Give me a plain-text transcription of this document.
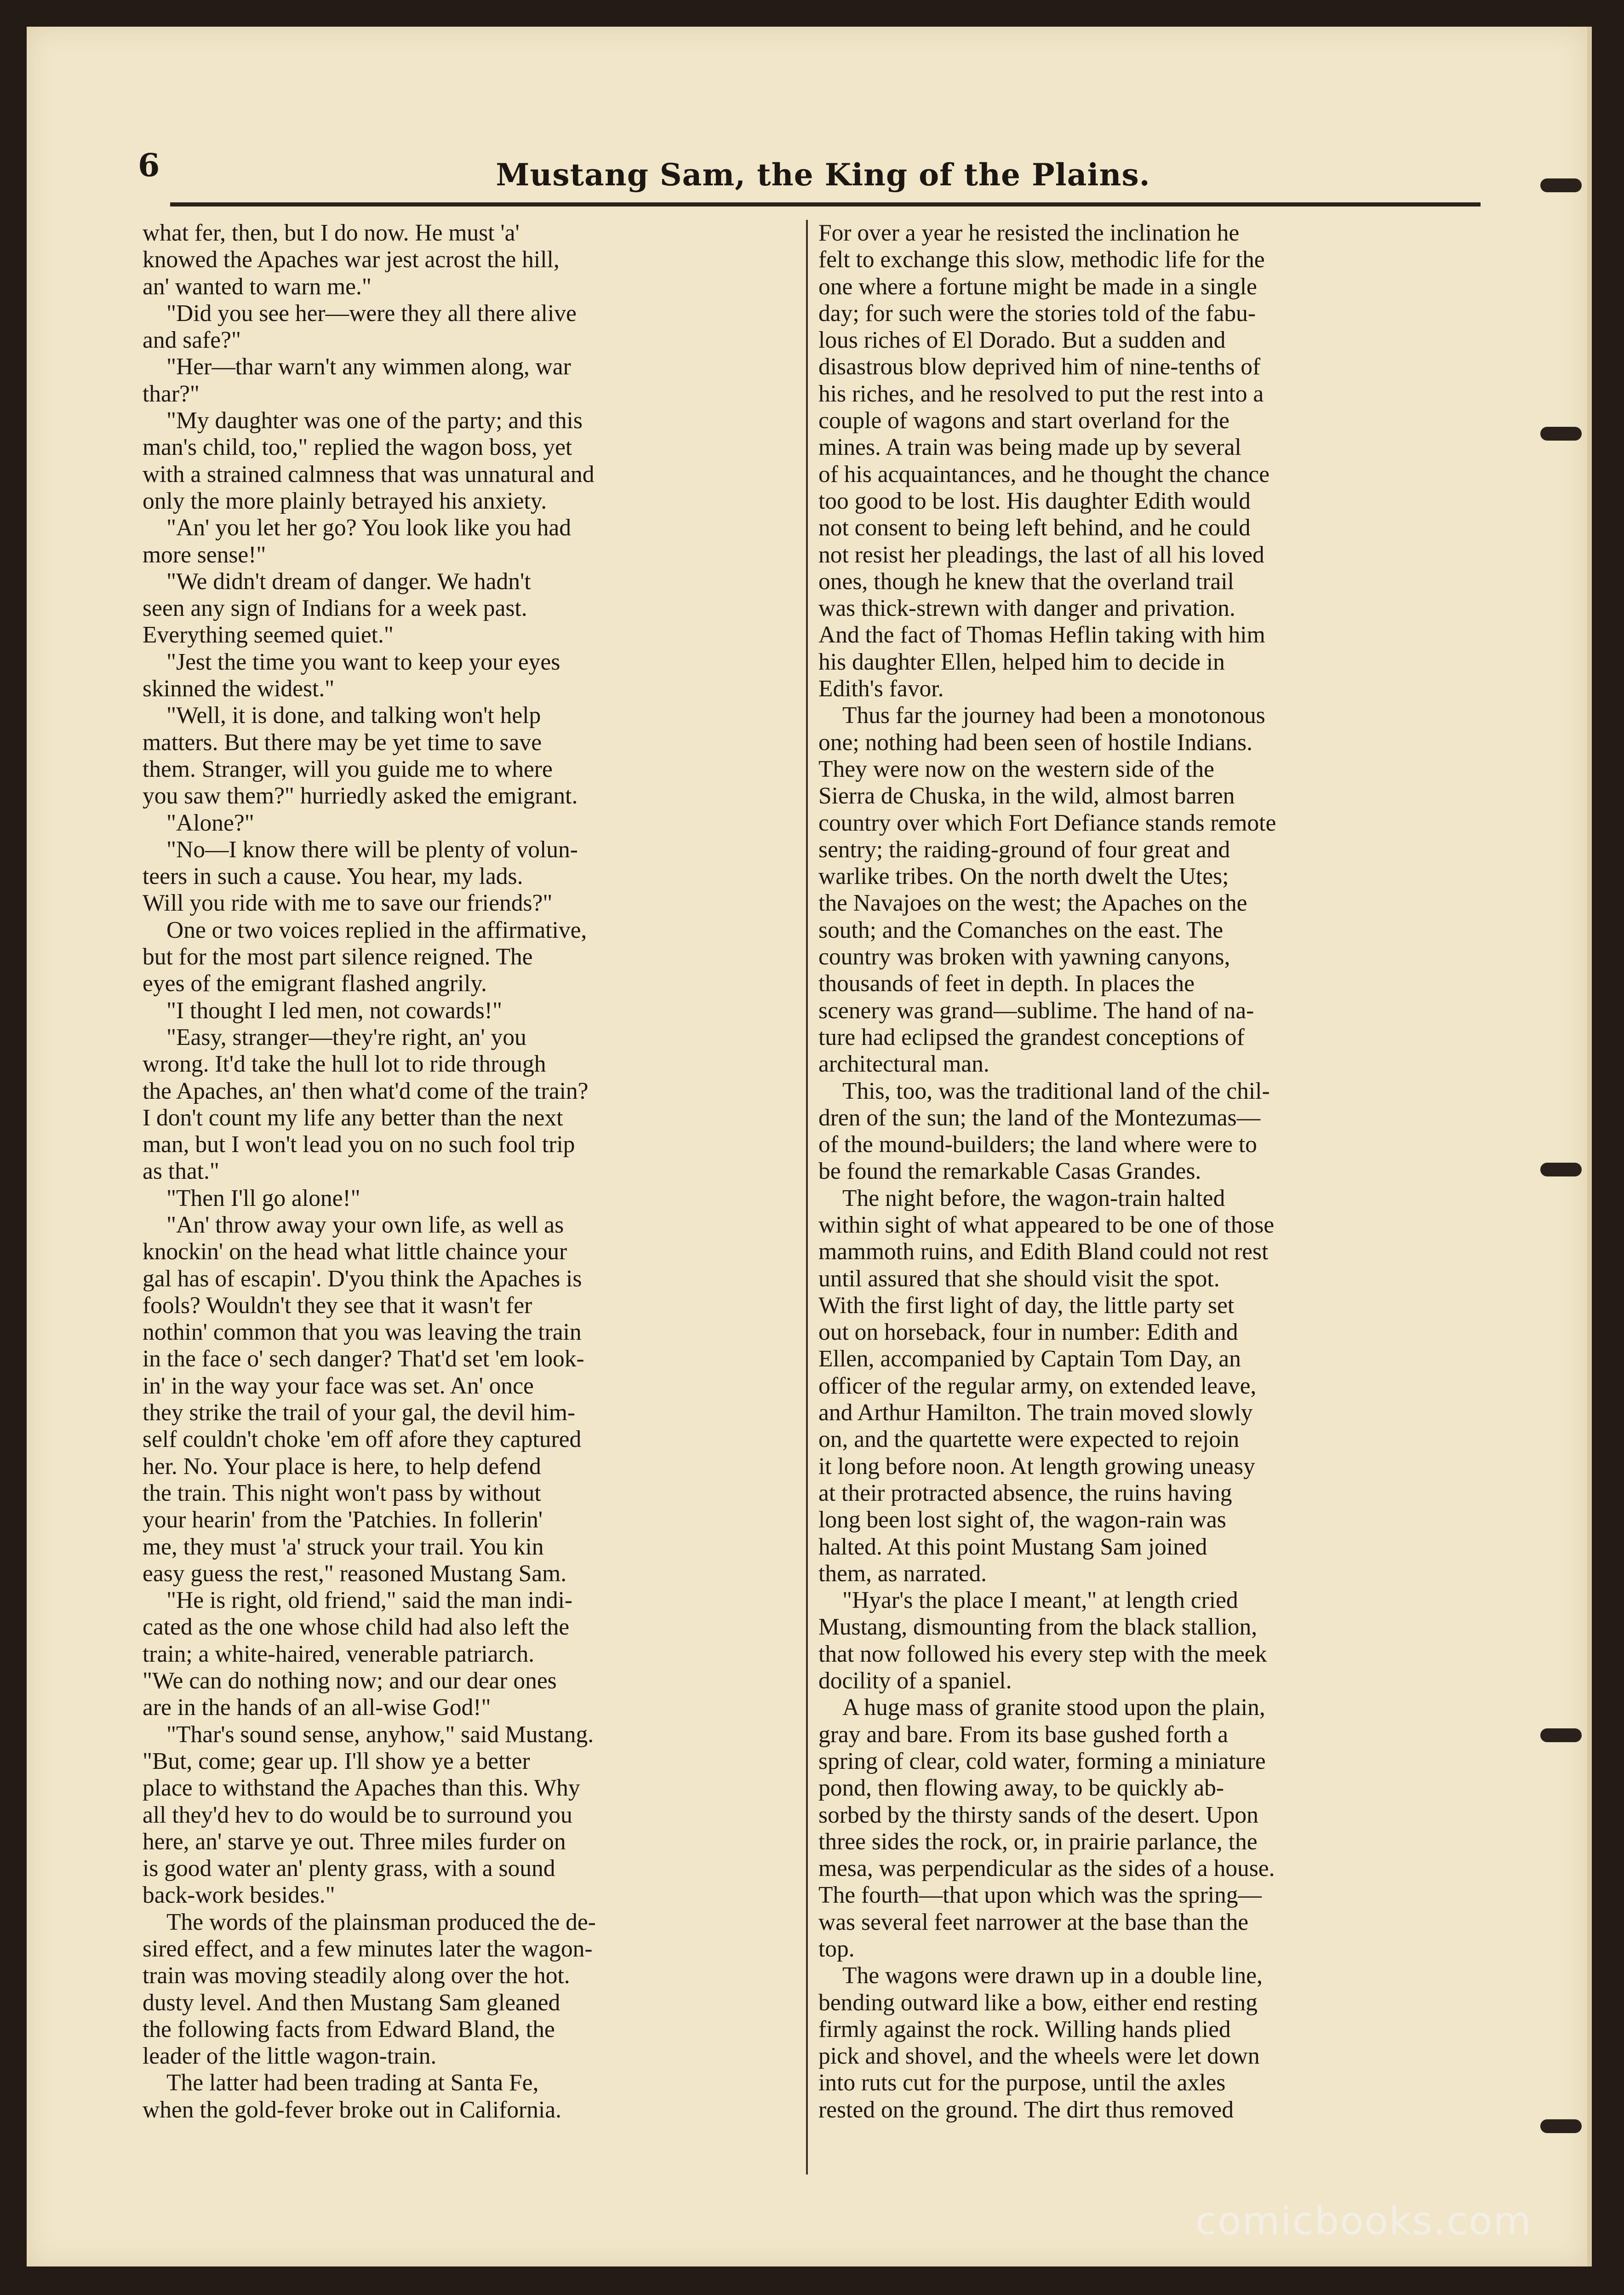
6	Mustang Sam, the King of the Plains.
what fer, then, but I do now. He must 'a'
knowed the Apaches war jest acrost the hill,
an' wanted to warn me."
"Did you see her—were they all there alive
and safe?"
"Her—thar warn't any wimmen along, war
thar?"
"My daughter was one of the party; and this
man's child, too," replied the wagon boss, yet
with a strained calmness that was unnatural and
only the more plainly betrayed his anxiety.
"An' you let her go? You look like you had
more sense!"
"We didn't dream of danger. We hadn't
seen any sign of Indians for a week past.
Everything seemed quiet."
"Jest the time you want to keep your eyes
skinned the widest."
"Well, it is done, and talking won't help
matters. But there may be yet time to save
them. Stranger, will you guide me to where
you saw them?" hurriedly asked the emigrant.
"Alone?"
"No—I know there will be plenty of volun-
teers in such a cause. You hear, my lads.
Will you ride with me to save our friends?"
One or two voices replied in the affirmative,
but for the most part silence reigned. The
eyes of the emigrant flashed angrily.
"I thought I led men, not cowards!"
"Easy, stranger—they're right, an' you
wrong. It'd take the hull lot to ride through
the Apaches, an' then what'd come of the train?
I don't count my life any better than the next
man, but I won't lead you on no such fool trip
as that."
"Then I'll go alone!"
"An' throw away your own life, as well as
knockin' on the head what little chaince your
gal has of escapin'. D'you think the Apaches is
fools? Wouldn't they see that it wasn't fer
nothin' common that you was leaving the train
in the face o' sech danger? That'd set 'em look-
in' in the way your face was set. An' once
they strike the trail of your gal, the devil him-
self couldn't choke 'em off afore they captured
her. No. Your place is here, to help defend
the train. This night won't pass by without
your hearin' from the 'Patchies. In follerin'
me, they must 'a' struck your trail. You kin
easy guess the rest," reasoned Mustang Sam.
"He is right, old friend," said the man indi-
cated as the one whose child had also left the
train; a white-haired, venerable patriarch.
"We can do nothing now; and our dear ones
are in the hands of an all-wise God!"
"Thar's sound sense, anyhow," said Mustang.
"But, come; gear up. I'll show ye a better
place to withstand the Apaches than this. Why
all they'd hev to do would be to surround you
here, an' starve ye out. Three miles furder on
is good water an' plenty grass, with a sound
back-work besides."
The words of the plainsman produced the de-
sired effect, and a few minutes later the wagon-
train was moving steadily along over the hot.
dusty level. And then Mustang Sam gleaned
the following facts from Edward Bland, the
leader of the little wagon-train.
The latter had been trading at Santa Fe,
when the gold-fever broke out in California.
For over a year he resisted the inclination he
felt to exchange this slow, methodic life for the
one where a fortune might be made in a single
day; for such were the stories told of the fabu-
lous riches of El Dorado. But a sudden and
disastrous blow deprived him of nine-tenths of
his riches, and he resolved to put the rest into a
couple of wagons and start overland for the
mines. A train was being made up by several
of his acquaintances, and he thought the chance
too good to be lost. His daughter Edith would
not consent to being left behind, and he could
not resist her pleadings, the last of all his loved
ones, though he knew that the overland trail
was thick-strewn with danger and privation.
And the fact of Thomas Heflin taking with him
his daughter Ellen, helped him to decide in
Edith's favor.
Thus far the journey had been a monotonous
one; nothing had been seen of hostile Indians.
They were now on the western side of the
Sierra de Chuska, in the wild, almost barren
country over which Fort Defiance stands remote
sentry; the raiding-ground of four great and
warlike tribes. On the north dwelt the Utes;
the Navajoes on the west; the Apaches on the
south; and the Comanches on the east. The
country was broken with yawning canyons,
thousands of feet in depth. In places the
scenery was grand—sublime. The hand of na-
ture had eclipsed the grandest conceptions of
architectural man.
This, too, was the traditional land of the chil-
dren of the sun; the land of the Montezumas—
of the mound-builders; the land where were to
be found the remarkable Casas Grandes.
The night before, the wagon-train halted
within sight of what appeared to be one of those
mammoth ruins, and Edith Bland could not rest
until assured that she should visit the spot.
With the first light of day, the little party set
out on horseback, four in number: Edith and
Ellen, accompanied by Captain Tom Day, an
officer of the regular army, on extended leave,
and Arthur Hamilton. The train moved slowly
on, and the quartette were expected to rejoin
it long before noon. At length growing uneasy
at their protracted absence, the ruins having
long been lost sight of, the wagon-rain was
halted. At this point Mustang Sam joined
them, as narrated.
"Hyar's the place I meant," at length cried
Mustang, dismounting from the black stallion,
that now followed his every step with the meek
docility of a spaniel.
A huge mass of granite stood upon the plain,
gray and bare. From its base gushed forth a
spring of clear, cold water, forming a miniature
pond, then flowing away, to be quickly ab-
sorbed by the thirsty sands of the desert. Upon
three sides the rock, or, in prairie parlance, the
mesa, was perpendicular as the sides of a house.
The fourth—that upon which was the spring—
was several feet narrower at the base than the
top.
The wagons were drawn up in a double line,
bending outward like a bow, either end resting
firmly against the rock. Willing hands plied
pick and shovel, and the wheels were let down
into ruts cut for the purpose, until the axles
rested on the ground. The dirt thus removed
comicbooks.com
